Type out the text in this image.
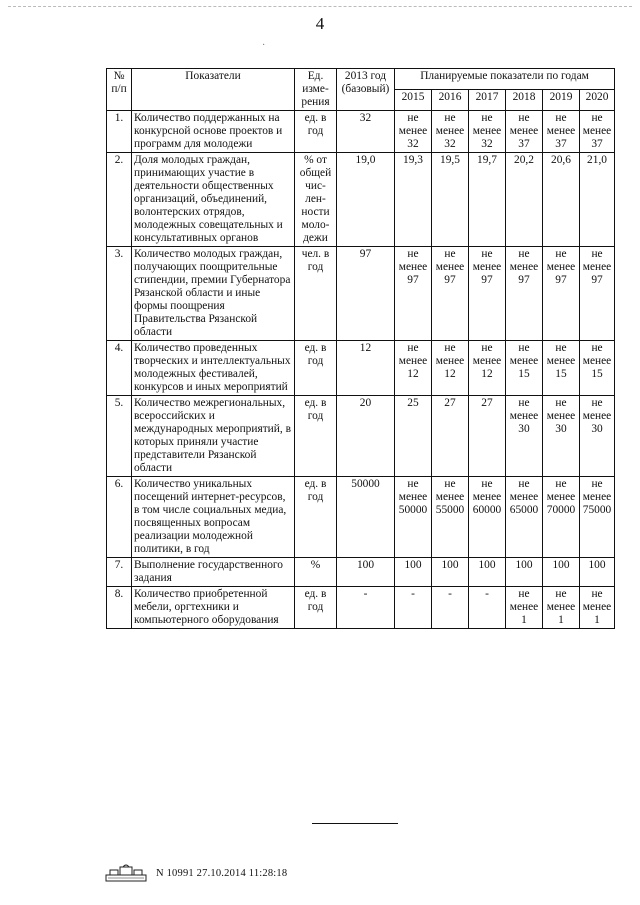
4
·
№ п/п	Показатели	Ед. изме-рения	2013 год (базовый)	Планируемые показатели по годам					
				2015	2016	2017	2018	2019	2020
1.	Количество поддержанных на конкурсной основе проектов и программ для молодежи	ед. в год	32	не менее 32	не менее 32	не менее 32	не менее 37	не менее 37	не менее 37
2.	Доля молодых граждан, принимающих участие в деятельности общественных организаций, объединений, волонтерских отрядов, молодежных совещательных и консультативных органов	% от общей чис-лен-ности моло-дежи	19,0	19,3	19,5	19,7	20,2	20,6	21,0
3.	Количество молодых граждан, получающих поощрительные стипендии, премии Губернатора Рязанской области и иные формы поощрения Правительства Рязанской области	чел. в год	97	не менее 97	не менее 97	не менее 97	не менее 97	не менее 97	не менее 97
4.	Количество проведенных творческих и интеллектуальных молодежных фестивалей, конкурсов и иных мероприятий	ед. в год	12	не менее 12	не менее 12	не менее 12	не менее 15	не менее 15	не менее 15
5.	Количество межрегиональных, всероссийских и международных мероприятий, в которых приняли участие представители Рязанской области	ед. в год	20	25	27	27	не менее 30	не менее 30	не менее 30
6.	Количество уникальных посещений интернет-ресурсов, в том числе социальных медиа, посвященных вопросам реализации молодежной политики, в год	ед. в год	50000	не менее 50000	не менее 55000	не менее 60000	не менее 65000	не менее 70000	не менее 75000
7.	Выполнение государственного задания	%	100	100	100	100	100	100	100
8.	Количество приобретенной мебели, оргтехники и компьютерного оборудования	ед. в год	-	-	-	-	не менее 1	не менее 1	не менее 1
N 10991 27.10.2014 11:28:18
